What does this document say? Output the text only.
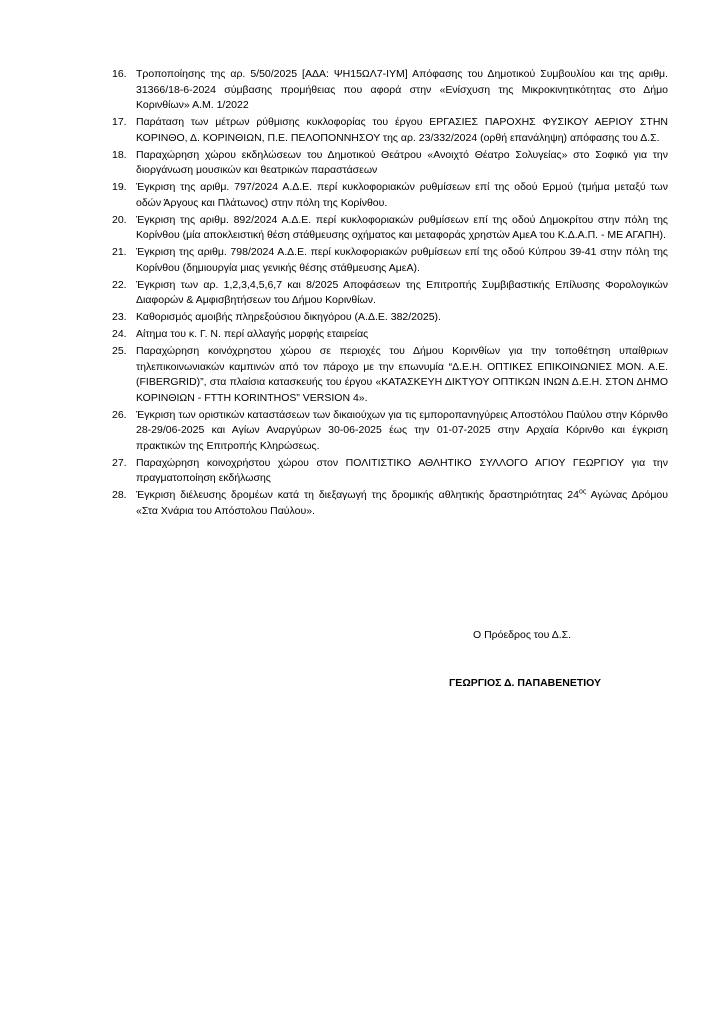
16. Τροποποίησης της αρ. 5/50/2025 [ΑΔΑ: ΨΗ15ΩΛ7-ΙΥΜ] Απόφασης του Δημοτικού Συμβουλίου και της αριθμ. 31366/18-6-2024 σύμβασης προμήθειας που αφορά στην «Ενίσχυση της Μικροκινητικότητας στο Δήμο Κορινθίων» Α.Μ. 1/2022
17. Παράταση των μέτρων ρύθμισης κυκλοφορίας του έργου ΕΡΓΑΣΙΕΣ ΠΑΡΟΧΗΣ ΦΥΣΙΚΟΥ ΑΕΡΙΟΥ ΣΤΗΝ ΚΟΡΙΝΘΟ, Δ. ΚΟΡΙΝΘΙΩΝ, Π.Ε. ΠΕΛΟΠΟΝΝΗΣΟΥ της αρ. 23/332/2024 (ορθή επανάληψη) απόφασης του Δ.Σ.
18. Παραχώρηση χώρου εκδηλώσεων του Δημοτικού Θεάτρου «Ανοιχτό Θέατρο Σολυγείας» στο Σοφικό για την διοργάνωση μουσικών και θεατρικών παραστάσεων
19. Έγκριση της αριθμ. 797/2024 Α.Δ.Ε. περί κυκλοφοριακών ρυθμίσεων επί της οδού Ερμού (τμήμα μεταξύ των οδών Άργους και Πλάτωνος) στην πόλη της Κορίνθου.
20. Έγκριση της αριθμ. 892/2024 Α.Δ.Ε. περί κυκλοφοριακών ρυθμίσεων επί της οδού Δημοκρίτου στην πόλη της Κορίνθου (μία αποκλειστική θέση στάθμευσης οχήματος και μεταφοράς χρηστών ΑμεΑ του Κ.Δ.Α.Π. - ΜΕ ΑΓΑΠΗ).
21. Έγκριση της αριθμ. 798/2024 Α.Δ.Ε. περί κυκλοφοριακών ρυθμίσεων επί της οδού Κύπρου 39-41 στην πόλη της Κορίνθου (δημιουργία μιας γενικής θέσης στάθμευσης ΑμεΑ).
22. Έγκριση των αρ. 1,2,3,4,5,6,7 και 8/2025 Αποφάσεων της Επιτροπής Συμβιβαστικής Επίλυσης Φορολογικών Διαφορών & Αμφισβητήσεων του Δήμου Κορινθίων.
23. Καθορισμός αμοιβής πληρεξούσιου δικηγόρου (Α.Δ.Ε. 382/2025).
24. Αίτημα του κ. Γ. Ν. περί αλλαγής μορφής εταιρείας
25. Παραχώρηση κοινόχρηστου χώρου σε περιοχές του Δήμου Κορινθίων για την τοποθέτηση υπαίθριων τηλεπικοινωνιακών καμπινών από τον πάροχο με την επωνυμία “Δ.Ε.Η. ΟΠΤΙΚΕΣ ΕΠΙΚΟΙΝΩΝΙΕΣ ΜΟΝ. Α.Ε. (FIBERGRID)”, στα πλαίσια κατασκευής του έργου «ΚΑΤΑΣΚΕΥΗ ΔΙΚΤΥΟΥ ΟΠΤΙΚΩΝ ΙΝΩΝ Δ.Ε.Η. ΣΤΟΝ ΔΗΜΟ ΚΟΡΙΝΘΙΩΝ - FTTH KORINTHOS” VERSION 4».
26. Έγκριση των οριστικών καταστάσεων των δικαιούχων για τις εμποροπανηγύρεις Αποστόλου Παύλου στην Κόρινθο 28-29/06-2025 και Αγίων Αναργύρων 30-06-2025 έως την 01-07-2025 στην Αρχαία Κόρινθο και έγκριση πρακτικών της Επιτροπής Κληρώσεως.
27. Παραχώρηση κοινοχρήστου χώρου στον ΠΟΛΙΤΙΣΤΙΚΟ ΑΘΛΗΤΙΚΟ ΣΥΛΛΟΓΟ ΑΓΙΟΥ ΓΕΩΡΓΙΟΥ για την πραγματοποίηση εκδήλωσης
28. Έγκριση διέλευσης δρομέων κατά τη διεξαγωγή της δρομικής αθλητικής δραστηριότητας $24^{o\varsigma}$ Αγώνας Δρόμου «Στα Χνάρια του Απόστολου Παύλου».
Ο Πρόεδρος του Δ.Σ.
ΓΕΩΡΓΙΟΣ Δ. ΠΑΠΑΒΕΝΕΤΙΟΥ
